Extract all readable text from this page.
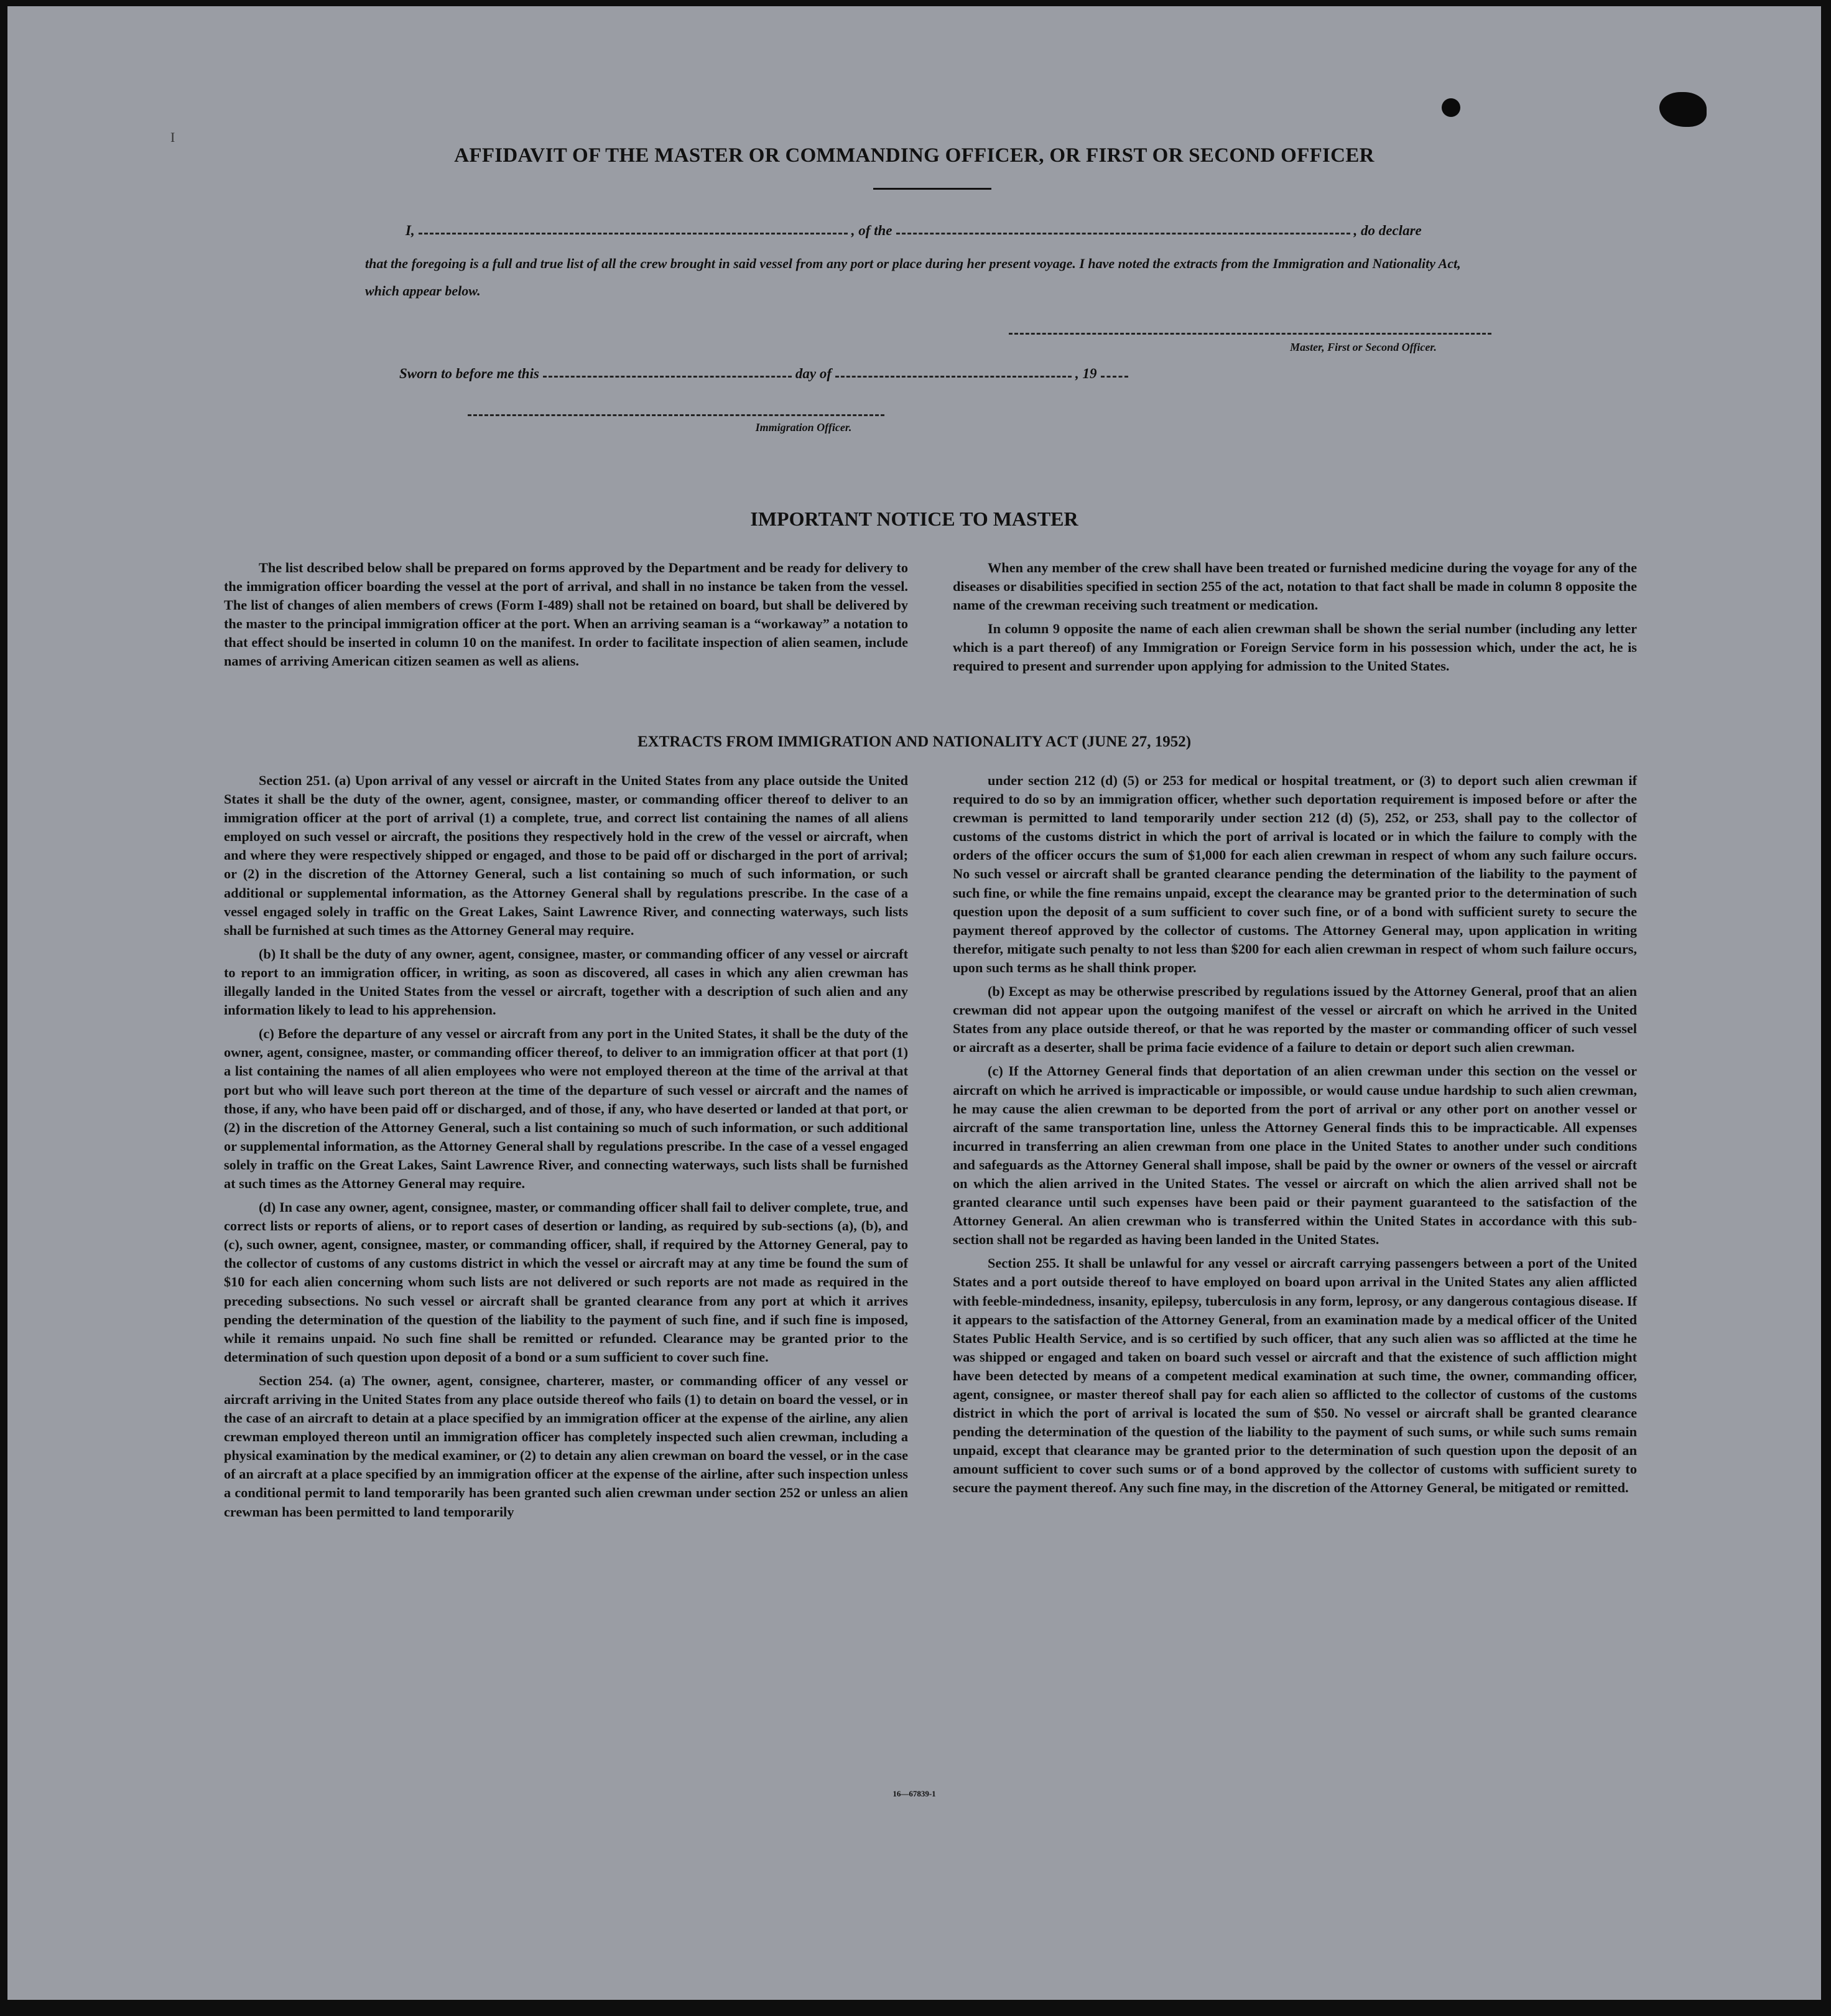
I
AFFIDAVIT OF THE MASTER OR COMMANDING OFFICER, OR FIRST OR SECOND OFFICER
I,	, of the	, do declare
that the foregoing is a full and true list of all the crew brought in said vessel from any port or place during her present voyage. I have noted the extracts from the Immigration and Nationality Act, which appear below.
Master, First or Second Officer.
Sworn to before me this	day of	, 19
Immigration Officer.
IMPORTANT NOTICE TO MASTER

The list described below shall be prepared on forms approved by the Department and be ready for delivery to the immigration officer boarding the vessel at the port of arrival, and shall in no instance be taken from the vessel. The list of changes of alien members of crews (Form I-489) shall not be retained on board, but shall be delivered by the master to the principal immigration officer at the port. When an arriving seaman is a “workaway” a notation to that effect should be inserted in column 10 on the manifest. In order to facilitate inspection of alien seamen, include names of arriving American citizen seamen as well as aliens.

When any member of the crew shall have been treated or furnished medicine during the voyage for any of the diseases or disabilities specified in section 255 of the act, notation to that fact shall be made in column 8 opposite the name of the crewman receiving such treatment or medication.

In column 9 opposite the name of each alien crewman shall be shown the serial number (including any letter which is a part thereof) of any Immigration or Foreign Service form in his possession which, under the act, he is required to present and surrender upon applying for admission to the United States.

EXTRACTS FROM IMMIGRATION AND NATIONALITY ACT (JUNE 27, 1952)

Section 251. (a) Upon arrival of any vessel or aircraft in the United States from any place outside the United States it shall be the duty of the owner, agent, consignee, master, or commanding officer thereof to deliver to an immigration officer at the port of arrival (1) a complete, true, and correct list containing the names of all aliens employed on such vessel or aircraft, the positions they respectively hold in the crew of the vessel or aircraft, when and where they were respectively shipped or engaged, and those to be paid off or discharged in the port of arrival; or (2) in the discretion of the Attorney General, such a list containing so much of such information, or such additional or supplemental information, as the Attorney General shall by regulations prescribe. In the case of a vessel engaged solely in traffic on the Great Lakes, Saint Lawrence River, and connecting waterways, such lists shall be furnished at such times as the Attorney General may require.

(b) It shall be the duty of any owner, agent, consignee, master, or commanding officer of any vessel or aircraft to report to an immigration officer, in writing, as soon as discovered, all cases in which any alien crewman has illegally landed in the United States from the vessel or aircraft, together with a description of such alien and any information likely to lead to his apprehension.

(c) Before the departure of any vessel or aircraft from any port in the United States, it shall be the duty of the owner, agent, consignee, master, or commanding officer thereof, to deliver to an immigration officer at that port (1) a list containing the names of all alien employees who were not employed thereon at the time of the arrival at that port but who will leave such port thereon at the time of the departure of such vessel or aircraft and the names of those, if any, who have been paid off or discharged, and of those, if any, who have deserted or landed at that port, or (2) in the discretion of the Attorney General, such a list containing so much of such information, or such additional or supplemental information, as the Attorney General shall by regulations prescribe. In the case of a vessel engaged solely in traffic on the Great Lakes, Saint Lawrence River, and connecting waterways, such lists shall be furnished at such times as the Attorney General may require.

(d) In case any owner, agent, consignee, master, or commanding officer shall fail to deliver complete, true, and correct lists or reports of aliens, or to report cases of desertion or landing, as required by sub-sections (a), (b), and (c), such owner, agent, consignee, master, or commanding officer, shall, if required by the Attorney General, pay to the collector of customs of any customs district in which the vessel or aircraft may at any time be found the sum of $10 for each alien concerning whom such lists are not delivered or such reports are not made as required in the preceding subsections. No such vessel or aircraft shall be granted clearance from any port at which it arrives pending the determination of the question of the liability to the payment of such fine, and if such fine is imposed, while it remains unpaid. No such fine shall be remitted or refunded. Clearance may be granted prior to the determination of such question upon deposit of a bond or a sum sufficient to cover such fine.

Section 254. (a) The owner, agent, consignee, charterer, master, or commanding officer of any vessel or aircraft arriving in the United States from any place outside thereof who fails (1) to detain on board the vessel, or in the case of an aircraft to detain at a place specified by an immigration officer at the expense of the airline, any alien crewman employed thereon until an immigration officer has completely inspected such alien crewman, including a physical examination by the medical examiner, or (2) to detain any alien crewman on board the vessel, or in the case of an aircraft at a place specified by an immigration officer at the expense of the airline, after such inspection unless a conditional permit to land temporarily has been granted such alien crewman under section 252 or unless an alien crewman has been permitted to land temporarily

under section 212 (d) (5) or 253 for medical or hospital treatment, or (3) to deport such alien crewman if required to do so by an immigration officer, whether such deportation requirement is imposed before or after the crewman is permitted to land temporarily under section 212 (d) (5), 252, or 253, shall pay to the collector of customs of the customs district in which the port of arrival is located or in which the failure to comply with the orders of the officer occurs the sum of $1,000 for each alien crewman in respect of whom any such failure occurs. No such vessel or aircraft shall be granted clearance pending the determination of the liability to the payment of such fine, or while the fine remains unpaid, except the clearance may be granted prior to the determination of such question upon the deposit of a sum sufficient to cover such fine, or of a bond with sufficient surety to secure the payment thereof approved by the collector of customs. The Attorney General may, upon application in writing therefor, mitigate such penalty to not less than $200 for each alien crewman in respect of whom such failure occurs, upon such terms as he shall think proper.

(b) Except as may be otherwise prescribed by regulations issued by the Attorney General, proof that an alien crewman did not appear upon the outgoing manifest of the vessel or aircraft on which he arrived in the United States from any place outside thereof, or that he was reported by the master or commanding officer of such vessel or aircraft as a deserter, shall be prima facie evidence of a failure to detain or deport such alien crewman.

(c) If the Attorney General finds that deportation of an alien crewman under this section on the vessel or aircraft on which he arrived is impracticable or impossible, or would cause undue hardship to such alien crewman, he may cause the alien crewman to be deported from the port of arrival or any other port on another vessel or aircraft of the same transportation line, unless the Attorney General finds this to be impracticable. All expenses incurred in transferring an alien crewman from one place in the United States to another under such conditions and safeguards as the Attorney General shall impose, shall be paid by the owner or owners of the vessel or aircraft on which the alien arrived in the United States. The vessel or aircraft on which the alien arrived shall not be granted clearance until such expenses have been paid or their payment guaranteed to the satisfaction of the Attorney General. An alien crewman who is transferred within the United States in accordance with this sub-section shall not be regarded as having been landed in the United States.

Section 255. It shall be unlawful for any vessel or aircraft carrying passengers between a port of the United States and a port outside thereof to have employed on board upon arrival in the United States any alien afflicted with feeble-mindedness, insanity, epilepsy, tuberculosis in any form, leprosy, or any dangerous contagious disease. If it appears to the satisfaction of the Attorney General, from an examination made by a medical officer of the United States Public Health Service, and is so certified by such officer, that any such alien was so afflicted at the time he was shipped or engaged and taken on board such vessel or aircraft and that the existence of such affliction might have been detected by means of a competent medical examination at such time, the owner, commanding officer, agent, consignee, or master thereof shall pay for each alien so afflicted to the collector of customs of the customs district in which the port of arrival is located the sum of $50. No vessel or aircraft shall be granted clearance pending the determination of the question of the liability to the payment of such sums, or while such sums remain unpaid, except that clearance may be granted prior to the determination of such question upon the deposit of an amount sufficient to cover such sums or of a bond approved by the collector of customs with sufficient surety to secure the payment thereof. Any such fine may, in the discretion of the Attorney General, be mitigated or remitted.

16—67839-1
